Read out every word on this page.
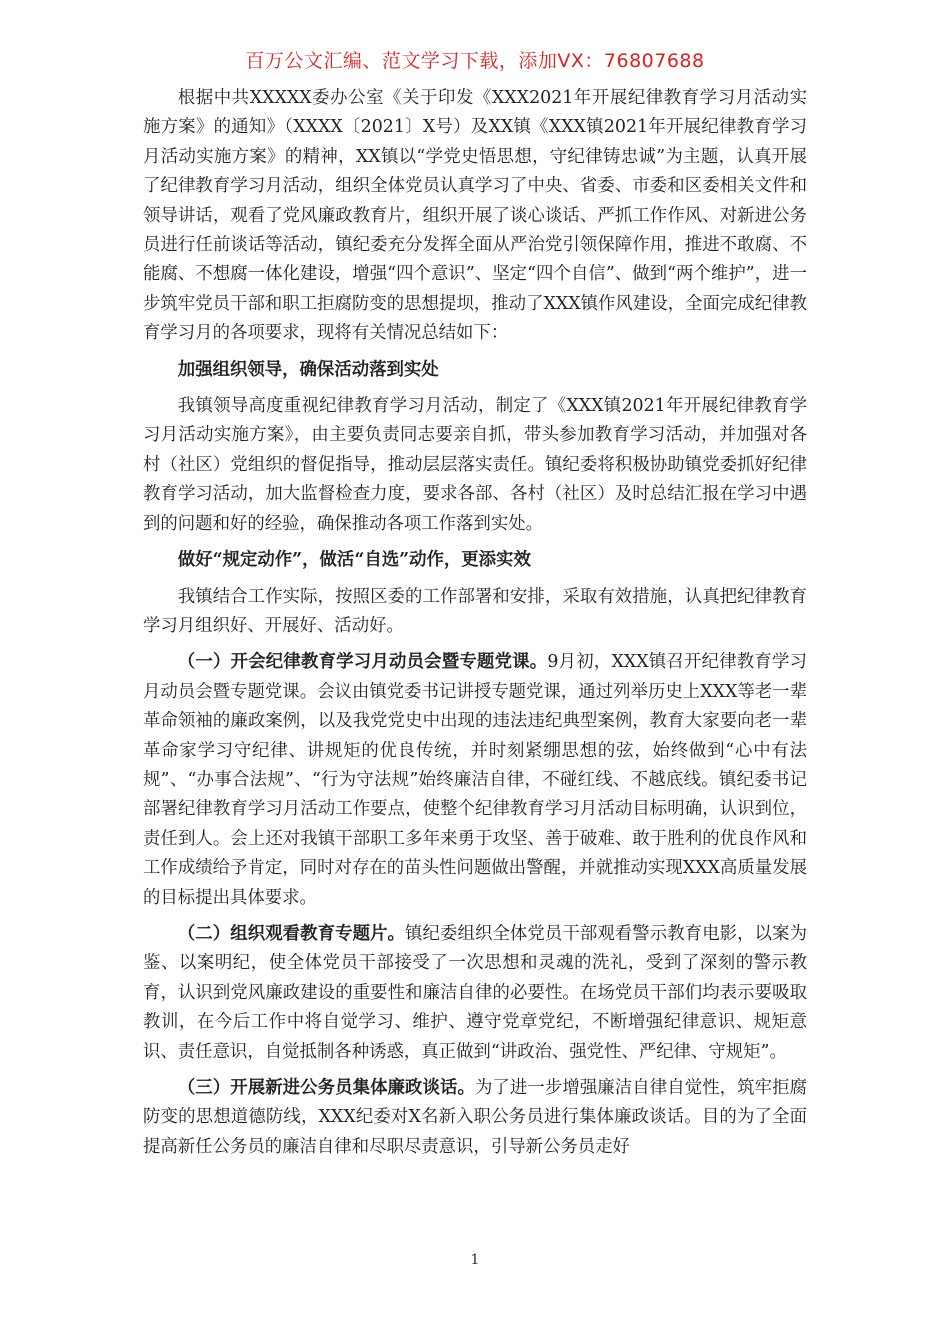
百万公文汇编、范文学习下载，添加VX：76807688

根据中共XXXXX委办公室《关于印发《XXX2021年开展纪律教育学习月活动实施方案》的通知》（XXXX〔2021〕X号）及XX镇《XXX镇2021年开展纪律教育学习月活动实施方案》的精神，XX镇以“学党史悟思想，守纪律铸忠诚”为主题，认真开展了纪律教育学习月活动，组织全体党员认真学习了中央、省委、市委和区委相关文件和领导讲话，观看了党风廉政教育片，组织开展了谈心谈话、严抓工作作风、对新进公务员进行任前谈话等活动，镇纪委充分发挥全面从严治党引领保障作用，推进不敢腐、不能腐、不想腐一体化建设，增强“四个意识”、坚定“四个自信”、做到“两个维护”，进一步筑牢党员干部和职工拒腐防变的思想提坝，推动了XXX镇作风建设，全面完成纪律教育学习月的各项要求，现将有关情况总结如下：

加强组织领导，确保活动落到实处

我镇领导高度重视纪律教育学习月活动，制定了《XXX镇2021年开展纪律教育学习月活动实施方案》，由主要负责同志要亲自抓，带头参加教育学习活动，并加强对各村（社区）党组织的督促指导，推动层层落实责任。镇纪委将积极协助镇党委抓好纪律教育学习活动，加大监督检查力度，要求各部、各村（社区）及时总结汇报在学习中遇到的问题和好的经验，确保推动各项工作落到实处。

做好“规定动作”，做活“自选”动作，更添实效

我镇结合工作实际，按照区委的工作部署和安排，采取有效措施，认真把纪律教育学习月组织好、开展好、活动好。

（一）开会纪律教育学习月动员会暨专题党课。9月初，XXX镇召开纪律教育学习月动员会暨专题党课。会议由镇党委书记讲授专题党课，通过列举历史上XXX等老一辈革命领袖的廉政案例，以及我党党史中出现的违法违纪典型案例，教育大家要向老一辈革命家学习守纪律、讲规矩的优良传统，并时刻紧绷思想的弦，始终做到“心中有法规”、“办事合法规”、“行为守法规”始终廉洁自律，不碰红线、不越底线。镇纪委书记部署纪律教育学习月活动工作要点，使整个纪律教育学习月活动目标明确，认识到位，责任到人。会上还对我镇干部职工多年来勇于攻坚、善于破难、敢于胜利的优良作风和工作成绩给予肯定，同时对存在的苗头性问题做出警醒，并就推动实现XXX高质量发展的目标提出具体要求。

（二）组织观看教育专题片。镇纪委组织全体党员干部观看警示教育电影，以案为鉴、以案明纪，使全体党员干部接受了一次思想和灵魂的洗礼，受到了深刻的警示教育，认识到党风廉政建设的重要性和廉洁自律的必要性。在场党员干部们均表示要吸取教训，在今后工作中将自觉学习、维护、遵守党章党纪，不断增强纪律意识、规矩意识、责任意识，自觉抵制各种诱惑，真正做到“讲政治、强党性、严纪律、守规矩”。

（三）开展新进公务员集体廉政谈话。为了进一步增强廉洁自律自觉性，筑牢拒腐防变的思想道德防线，XXX纪委对X名新入职公务员进行集体廉政谈话。目的为了全面提高新任公务员的廉洁自律和尽职尽责意识，引导新公务员走好

1
